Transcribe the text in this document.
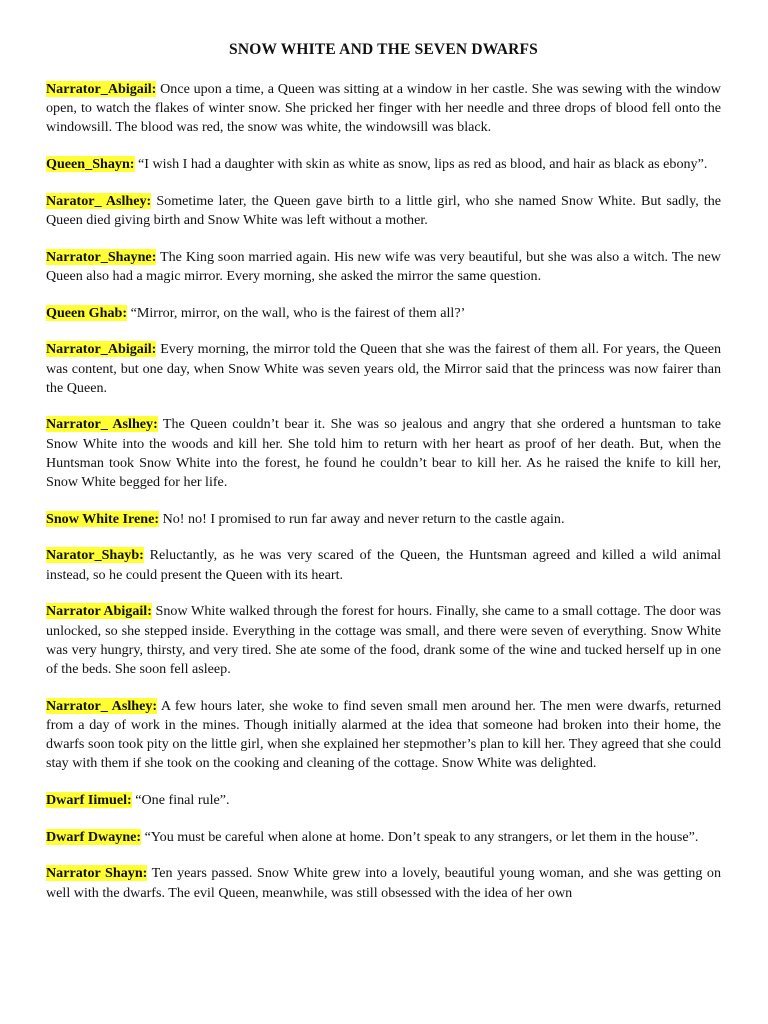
SNOW WHITE AND THE SEVEN DWARFS

Narrator_Abigail: Once upon a time, a Queen was sitting at a window in her castle. She was sewing with the window open, to watch the flakes of winter snow. She pricked her finger with her needle and three drops of blood fell onto the windowsill. The blood was red, the snow was white, the windowsill was black.

Queen_Shayn: “I wish I had a daughter with skin as white as snow, lips as red as blood, and hair as black as ebony”.

Narator_ Aslhey: Sometime later, the Queen gave birth to a little girl, who she named Snow White. But sadly, the Queen died giving birth and Snow White was left without a mother.

Narrator_Shayne: The King soon married again. His new wife was very beautiful, but she was also a witch. The new Queen also had a magic mirror. Every morning, she asked the mirror the same question.

Queen Ghab: “Mirror, mirror, on the wall, who is the fairest of them all?’

Narrator_Abigail: Every morning, the mirror told the Queen that she was the fairest of them all. For years, the Queen was content, but one day, when Snow White was seven years old, the Mirror said that the princess was now fairer than the Queen.

Narrator_ Aslhey: The Queen couldn’t bear it. She was so jealous and angry that she ordered a huntsman to take Snow White into the woods and kill her. She told him to return with her heart as proof of her death. But, when the Huntsman took Snow White into the forest, he found he couldn’t bear to kill her. As he raised the knife to kill her, Snow White begged for her life.

Snow White Irene: No! no! I promised to run far away and never return to the castle again.

Narator_Shayb: Reluctantly, as he was very scared of the Queen, the Huntsman agreed and killed a wild animal instead, so he could present the Queen with its heart.

Narrator Abigail: Snow White walked through the forest for hours. Finally, she came to a small cottage. The door was unlocked, so she stepped inside. Everything in the cottage was small, and there were seven of everything. Snow White was very hungry, thirsty, and very tired. She ate some of the food, drank some of the wine and tucked herself up in one of the beds. She soon fell asleep.

Narrator_ Aslhey: A few hours later, she woke to find seven small men around her. The men were dwarfs, returned from a day of work in the mines. Though initially alarmed at the idea that someone had broken into their home, the dwarfs soon took pity on the little girl, when she explained her stepmother’s plan to kill her. They agreed that she could stay with them if she took on the cooking and cleaning of the cottage. Snow White was delighted.

Dwarf Iimuel: “One final rule”.

Dwarf Dwayne: “You must be careful when alone at home. Don’t speak to any strangers, or let them in the house”.

Narrator Shayn: Ten years passed. Snow White grew into a lovely, beautiful young woman, and she was getting on well with the dwarfs. The evil Queen, meanwhile, was still obsessed with the idea of her own
